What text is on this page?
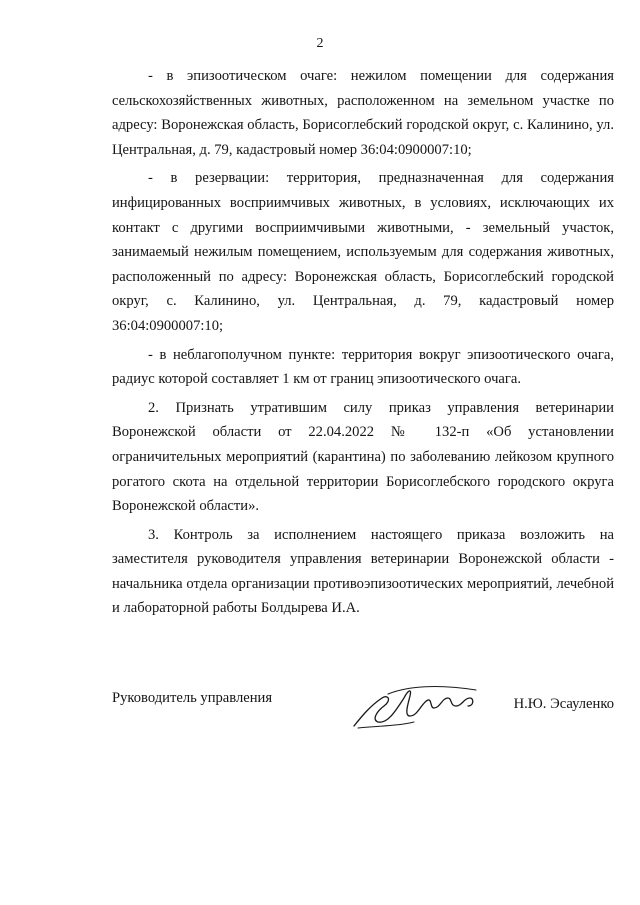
2

- в эпизоотическом очаге: нежилом помещении для содержания сельскохозяйственных животных, расположенном на земельном участке по адресу: Воронежская область, Борисоглебский городской округ, с. Калинино, ул. Центральная, д. 79, кадастровый номер 36:04:0900007:10;

- в резервации: территория, предназначенная для содержания инфицированных восприимчивых животных, в условиях, исключающих их контакт с другими восприимчивыми животными, - земельный участок, занимаемый нежилым помещением, используемым для содержания животных, расположенный по адресу: Воронежская область, Борисоглебский городской округ, с. Калинино, ул. Центральная, д. 79, кадастровый номер 36:04:0900007:10;

- в неблагополучном пункте: территория вокруг эпизоотического очага, радиус которой составляет 1 км от границ эпизоотического очага.

2. Признать утратившим силу приказ управления ветеринарии Воронежской области от 22.04.2022 № 132-п «Об установлении ограничительных мероприятий (карантина) по заболеванию лейкозом крупного рогатого скота на отдельной территории Борисоглебского городского округа Воронежской области».

3. Контроль за исполнением настоящего приказа возложить на заместителя руководителя управления ветеринарии Воронежской области - начальника отдела организации противоэпизоотических мероприятий, лечебной и лабораторной работы Болдырева И.А.

Руководитель управления	Н.Ю. Эсауленко
